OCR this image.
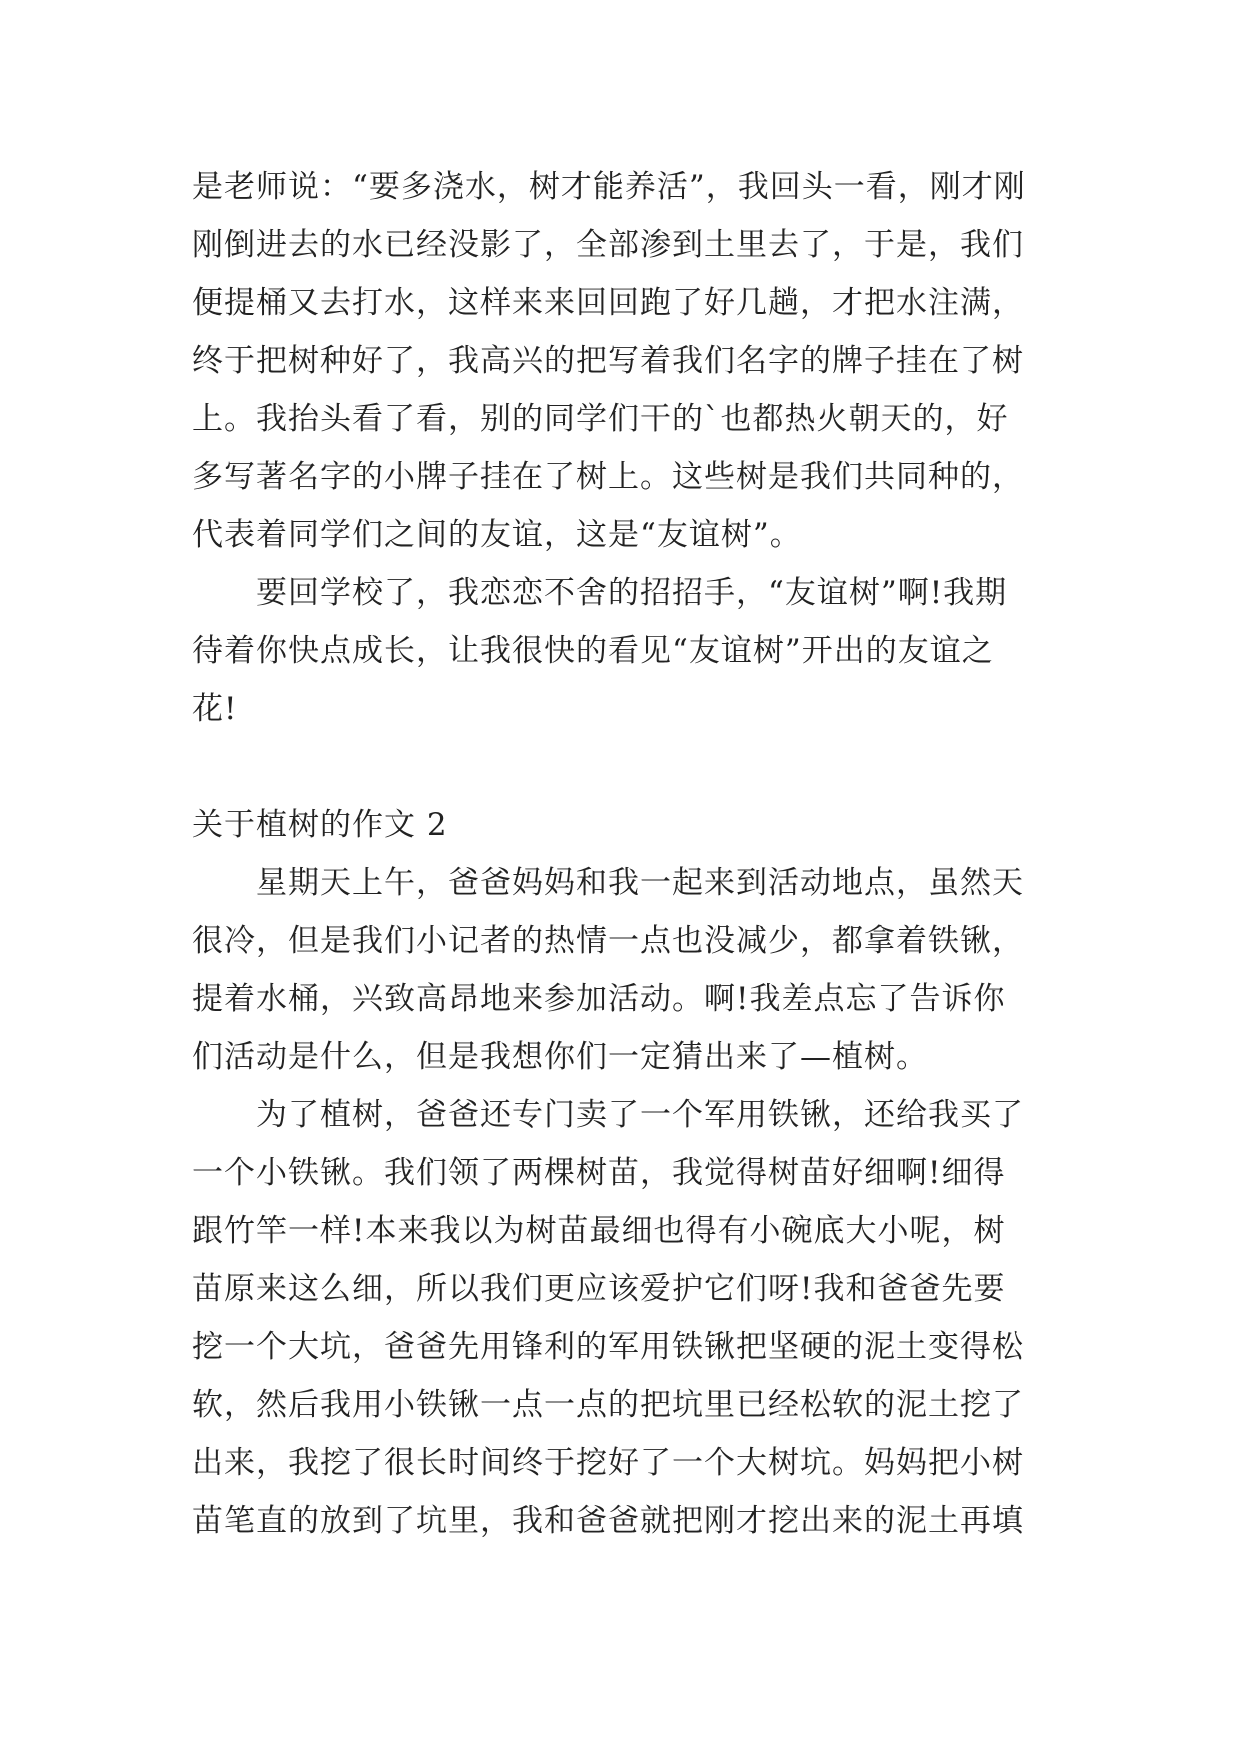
是老师说：“要多浇水，树才能养活”，我回头一看，刚才刚
刚倒进去的水已经没影了，全部渗到土里去了，于是，我们
便提桶又去打水，这样来来回回跑了好几趟，才把水注满，
终于把树种好了，我高兴的把写着我们名字的牌子挂在了树
上。我抬头看了看，别的同学们干的`也都热火朝天的，好
多写著名字的小牌子挂在了树上。这些树是我们共同种的，
代表着同学们之间的友谊，这是“友谊树”。
要回学校了，我恋恋不舍的招招手，“友谊树”啊!我期
待着你快点成长，让我很快的看见“友谊树”开出的友谊之
花!
关于植树的作文 2
星期天上午，爸爸妈妈和我一起来到活动地点，虽然天
很冷，但是我们小记者的热情一点也没减少，都拿着铁锹，
提着水桶，兴致高昂地来参加活动。啊!我差点忘了告诉你
们活动是什么，但是我想你们一定猜出来了—植树。
为了植树，爸爸还专门卖了一个军用铁锹，还给我买了
一个小铁锹。我们领了两棵树苗，我觉得树苗好细啊!细得
跟竹竿一样!本来我以为树苗最细也得有小碗底大小呢，树
苗原来这么细，所以我们更应该爱护它们呀!我和爸爸先要
挖一个大坑，爸爸先用锋利的军用铁锹把坚硬的泥土变得松
软，然后我用小铁锹一点一点的把坑里已经松软的泥土挖了
出来，我挖了很长时间终于挖好了一个大树坑。妈妈把小树
苗笔直的放到了坑里，我和爸爸就把刚才挖出来的泥土再填
